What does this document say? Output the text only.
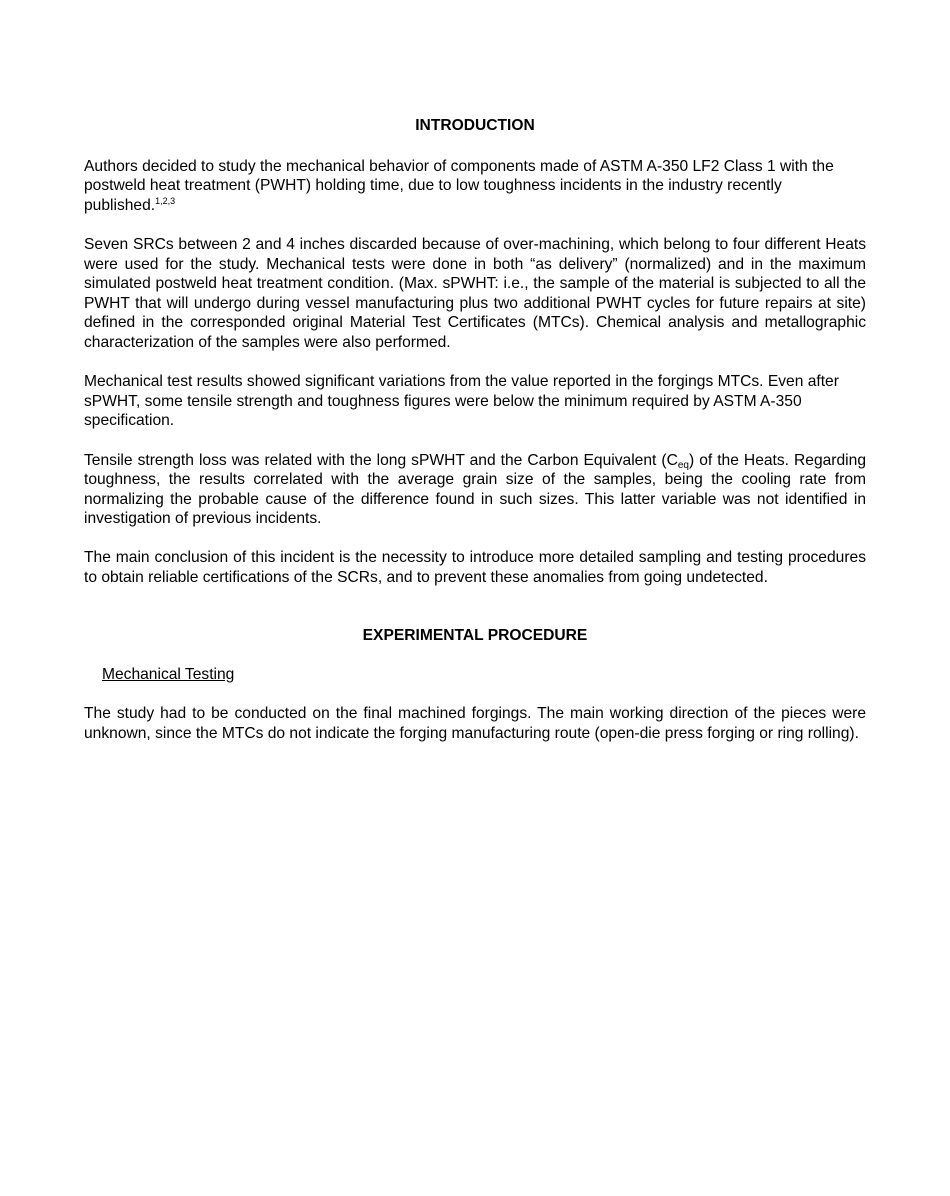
INTRODUCTION

Authors decided to study the mechanical behavior of components made of ASTM A-350 LF2 Class 1 with the postweld heat treatment (PWHT) holding time, due to low toughness incidents in the industry recently published.$^{1,2,3}$

Seven SRCs between 2 and 4 inches discarded because of over-machining, which belong to four different Heats were used for the study. Mechanical tests were done in both “as delivery” (normalized) and in the maximum simulated postweld heat treatment condition. (Max. sPWHT: i.e., the sample of the material is subjected to all the PWHT that will undergo during vessel manufacturing plus two additional PWHT cycles for future repairs at site) defined in the corresponded original Material Test Certificates (MTCs). Chemical analysis and metallographic characterization of the samples were also performed.

Mechanical test results showed significant variations from the value reported in the forgings MTCs. Even after sPWHT, some tensile strength and toughness figures were below the minimum required by ASTM A-350 specification.

Tensile strength loss was related with the long sPWHT and the Carbon Equivalent $(C_{eq})$ of the Heats. Regarding toughness, the results correlated with the average grain size of the samples, being the cooling rate from normalizing the probable cause of the difference found in such sizes. This latter variable was not identified in investigation of previous incidents.

The main conclusion of this incident is the necessity to introduce more detailed sampling and testing procedures to obtain reliable certifications of the SCRs, and to prevent these anomalies from going undetected.

EXPERIMENTAL PROCEDURE

Mechanical Testing

The study had to be conducted on the final machined forgings. The main working direction of the pieces were unknown, since the MTCs do not indicate the forging manufacturing route (open-die press forging or ring rolling).
